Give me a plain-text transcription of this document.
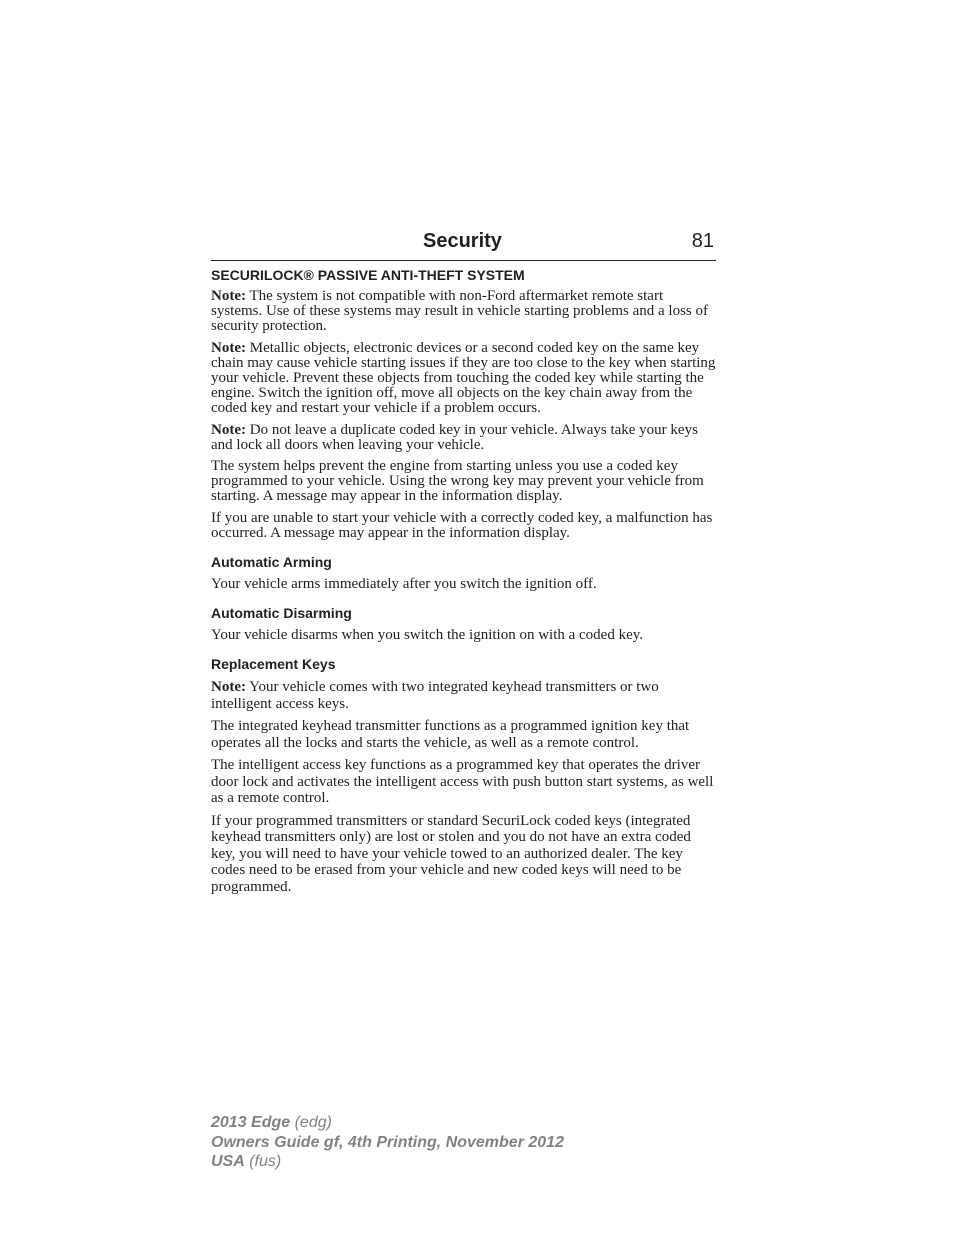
Security	81
SECURILOCK® PASSIVE ANTI-THEFT SYSTEM

Note: The system is not compatible with non-Ford aftermarket remote start systems. Use of these systems may result in vehicle starting problems and a loss of security protection.

Note: Metallic objects, electronic devices or a second coded key on the same key chain may cause vehicle starting issues if they are too close to the key when starting your vehicle. Prevent these objects from touching the coded key while starting the engine. Switch the ignition off, move all objects on the key chain away from the coded key and restart your vehicle if a problem occurs.

Note: Do not leave a duplicate coded key in your vehicle. Always take your keys and lock all doors when leaving your vehicle.

The system helps prevent the engine from starting unless you use a coded key programmed to your vehicle. Using the wrong key may prevent your vehicle from starting. A message may appear in the information display.

If you are unable to start your vehicle with a correctly coded key, a malfunction has occurred. A message may appear in the information display.

Automatic Arming

Your vehicle arms immediately after you switch the ignition off.

Automatic Disarming

Your vehicle disarms when you switch the ignition on with a coded key.

Replacement Keys

Note: Your vehicle comes with two integrated keyhead transmitters or two intelligent access keys.

The integrated keyhead transmitter functions as a programmed ignition key that operates all the locks and starts the vehicle, as well as a remote control.

The intelligent access key functions as a programmed key that operates the driver door lock and activates the intelligent access with push button start systems, as well as a remote control.

If your programmed transmitters or standard SecuriLock coded keys (integrated keyhead transmitters only) are lost or stolen and you do not have an extra coded key, you will need to have your vehicle towed to an authorized dealer. The key codes need to be erased from your vehicle and new coded keys will need to be programmed.

2013 Edge (edg)
Owners Guide gf, 4th Printing, November 2012
USA (fus)
